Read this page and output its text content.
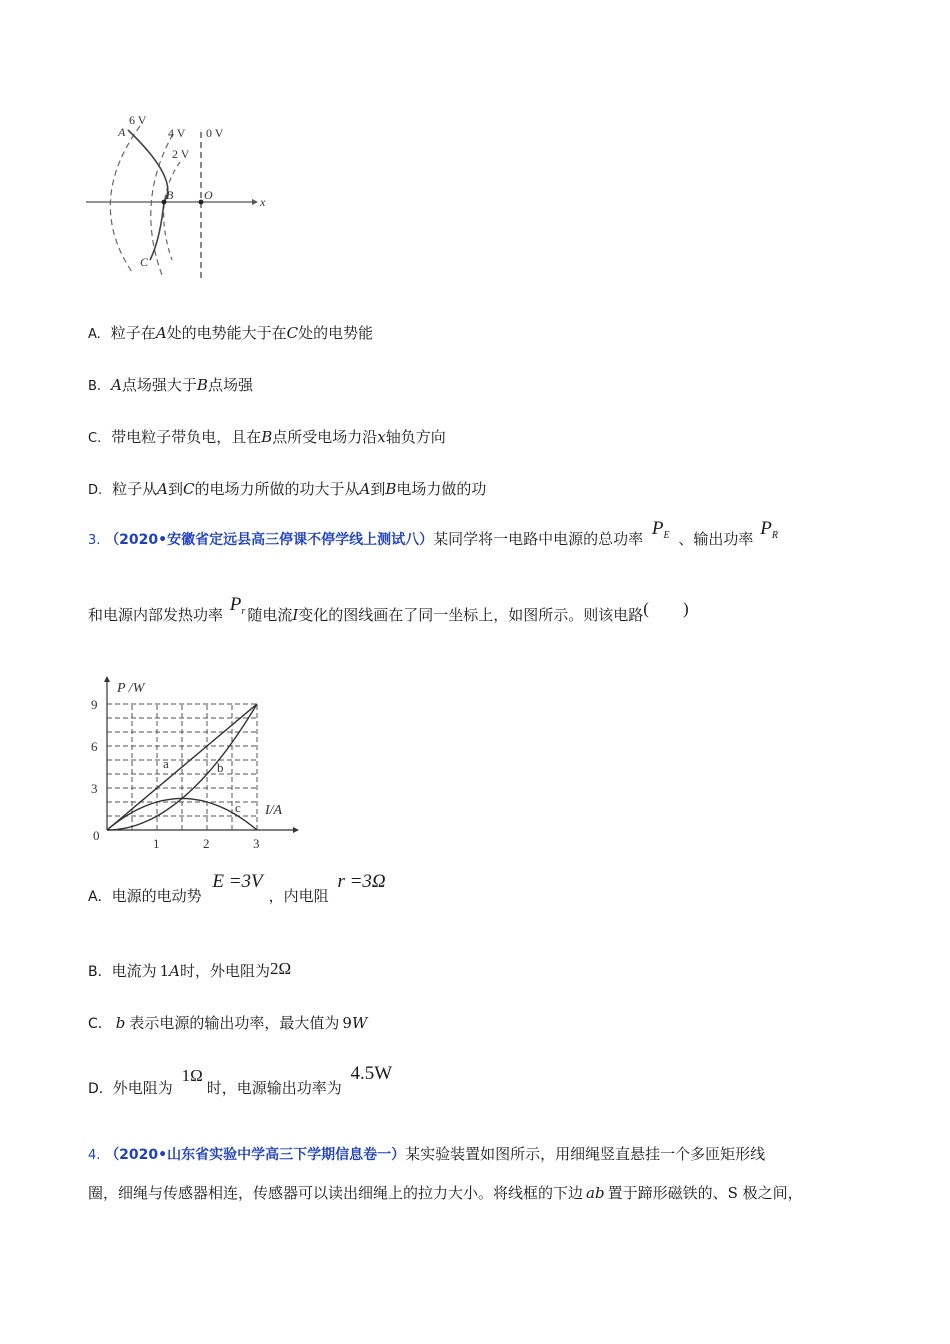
6 V
4 V
2 V
0 V
A
B
C
O	x
A. 粒子在A处的电势能大于在C处的电势能
B. A点场强大于B点场强
C. 带电粒子带负电，且在B点所受电场力沿x轴负方向
D. 粒子从A到C的电场力所做的功大于从A到B电场力做的功
3. （2020•安徽省定远县高三停课不停学线上测试八）某同学将一电路中电源的总功率 $P_E$ 、输出功率 $P_R$
和电源内部发热功率 $P_r$ 随电流I变化的图线画在了同一坐标上，如图所示。则该电路(        )
1	2	3
3
6
9
P /W
I/A
0
a	b
c
A．电源的电动势 E =3V，内电阻 r =3Ω
B．电流为 1A时，外电阻为2Ω
C． b 表示电源的输出功率，最大值为 9W
D．外电阻为 1Ω时，电源输出功率为 4.5W
4. （2020•山东省实验中学高三下学期信息卷一）某实验装置如图所示，用细绳竖直悬挂一个多匝矩形线
圈，细绳与传感器相连，传感器可以读出细绳上的拉力大小。将线框的下边 ab 置于蹄形磁铁的、S 极之间，
